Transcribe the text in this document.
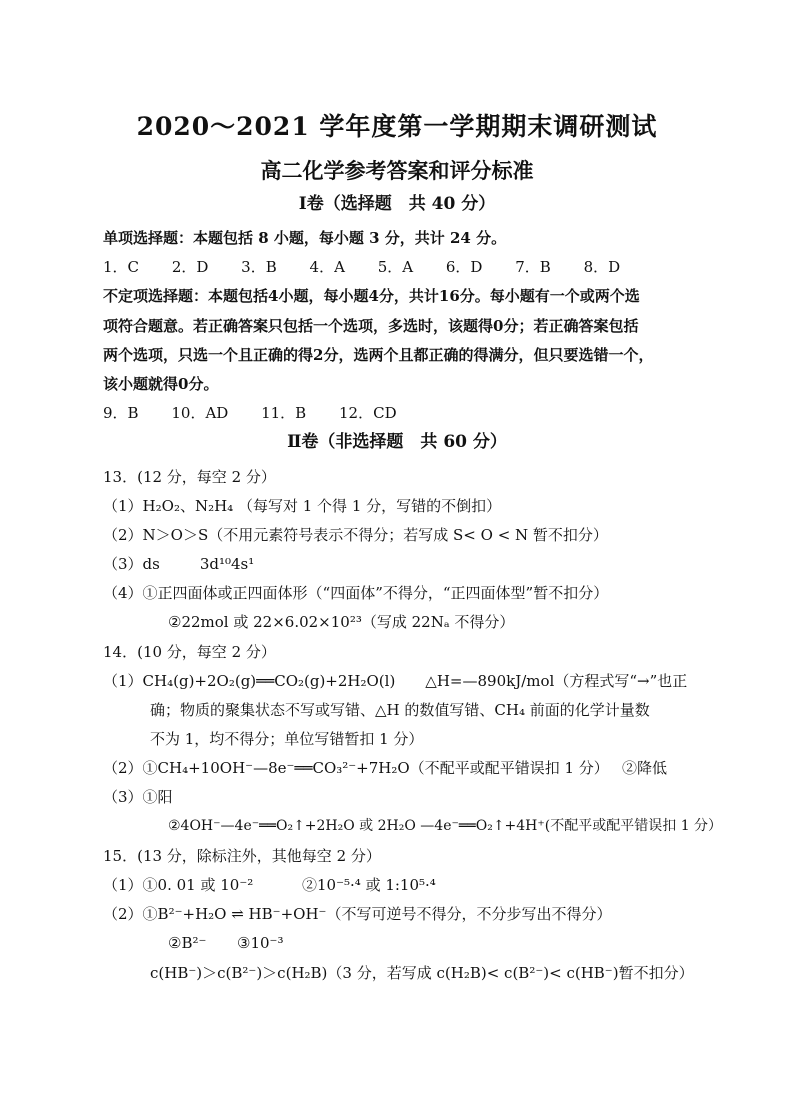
2020～2021 学年度第一学期期末调研测试
高二化学参考答案和评分标准
Ⅰ卷（选择题　共 40 分）
单项选择题：本题包括 8 小题，每小题 3 分，共计 24 分。
1．C 2．D 3．B 4．A 5．A 6．D 7．B 8．D
不定项选择题：本题包括4小题，每小题4分，共计16分。每小题有一个或两个选
项符合题意。若正确答案只包括一个选项，多选时，该题得0分；若正确答案包括
两个选项，只选一个且正确的得2分，选两个且都正确的得满分，但只要选错一个，
该小题就得0分。
9．B 10．AD 11．B 12．CD
Ⅱ卷（非选择题　共 60 分）
13．(12 分，每空 2 分）
（1）H₂O₂、N₂H₄ （每写对 1 个得 1 分，写错的不倒扣）
（2）N＞O＞S（不用元素符号表示不得分；若写成 S< O < N 暂不扣分）
（3）ds	3d¹⁰4s¹
（4）①正四面体或正四面体形（“四面体”不得分，“正四面体型”暂不扣分）
②22mol 或 22×6.02×10²³（写成 22Nₐ 不得分）
14．(10 分，每空 2 分）
（1）CH₄(g)+2O₂(g)══CO₂(g)+2H₂O(l)　　△H=—890kJ/mol（方程式写“→”也正
确；物质的聚集状态不写或写错、△H 的数值写错、CH₄ 前面的化学计量数
不为 1，均不得分；单位写错暂扣 1 分）
（2）①CH₄+10OH⁻—8e⁻══CO₃²⁻+7H₂O（不配平或配平错误扣 1 分） ②降低
（3）①阳
②4OH⁻—4e⁻══O₂↑+2H₂O 或 2H₂O —4e⁻══O₂↑+4H⁺(不配平或配平错误扣 1 分）
15．(13 分，除标注外，其他每空 2 分）
（1）①0. 01 或 10⁻²	②10⁻⁵·⁴ 或 1:10⁵·⁴
（2）①B²⁻+H₂O ⇌ HB⁻+OH⁻（不写可逆号不得分，不分步写出不得分）
②B²⁻ ③10⁻³
c(HB⁻)＞c(B²⁻)＞c(H₂B)（3 分，若写成 c(H₂B)< c(B²⁻)< c(HB⁻)暂不扣分）
